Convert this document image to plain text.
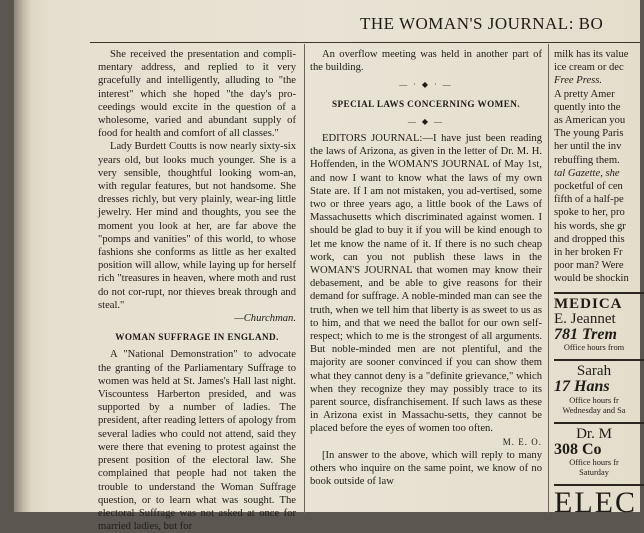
THE WOMAN'S JOURNAL: BO

She received the presentation and compli-mentary address, and replied to it very gracefully and intelligently, alluding to "the interest" which she hoped "the day's pro-ceedings would excite in the question of a wholesome, varied and abundant supply of food for health and comfort of all classes."

Lady Burdett Coutts is now nearly sixty-six years old, but looks much younger. She is a very sensible, thoughtful looking wom-an, with regular features, but not handsome. She dresses richly, but very plainly, wear-ing little jewelry. Her mind and thoughts, you see the moment you look at her, are far above the "pomps and vanities" of this world, to whose fashions she conforms as little as her exalted position will allow, while laying up for herself rich "treasures in heaven, where moth and rust do not cor-rupt, nor thieves break through and steal."

—Churchman.
WOMAN SUFFRAGE IN ENGLAND.

A "National Demonstration" to advocate the granting of the Parliamentary Suffrage to women was held at St. James's Hall last night. Viscountess Harberton presided, and was supported by a number of ladies. The president, after reading letters of apology from several ladies who could not attend, said they were there that evening to protest against the present position of the electoral law. She complained that people had not taken the trouble to understand the Woman Suffrage question, or to learn what was sought. The electoral Suffrage was not asked at once for married ladies, but for

An overflow meeting was held in another part of the building.

— · ◆ · —
SPECIAL LAWS CONCERNING WOMEN.
— ◆ —

EDITORS JOURNAL:—I have just been reading the laws of Arizona, as given in the letter of Dr. M. H. Hoffenden, in the WOMAN'S JOURNAL of May 1st, and now I want to know what the laws of my own State are. If I am not mistaken, you ad-vertised, some two or three years ago, a little book of the Laws of Massachusetts which discriminated against women. I should be glad to buy it if you will be kind enough to let me know the name of it. If there is no such cheap work, can you not publish these laws in the WOMAN'S JOURNAL that women may know their debasement, and be able to give reasons for their demand for suffrage. A noble-minded man can see the truth, when we tell him that liberty is as sweet to us as to him, and that we need the ballot for our own self-respect; which to me is the strongest of all arguments. But noble-minded men are not plentiful, and the majority are sooner convinced if you can show them what they cannot deny is a "definite grievance," which when they recognize they may possibly trace to its parent source, disfranchisement. If such laws as these in Arizona exist in Massachu-setts, they cannot be placed before the eyes of women too often.

M. E. O.

[In answer to the above, which will reply to many others who inquire on the same point, we know of no book outside of law

milk has its value
ice cream or dec
Free Press.
A pretty Amer
quently into the
as American you
The young Paris
her until the inv
rebuffing them.
tal Gazette, she
pocketful of cen
fifth of a half-pe
spoke to her, pro
his words, she gr
and dropped this
in her broken Fr
poor man? Were
would be shockin
MEDICA
E. Jeannet
781 Trem
Office hours from
Sarah
17 Hans
Office hours fr
Wednesday and Sa
Dr. M
308 Co
Office hours fr
Saturday
ELEC
